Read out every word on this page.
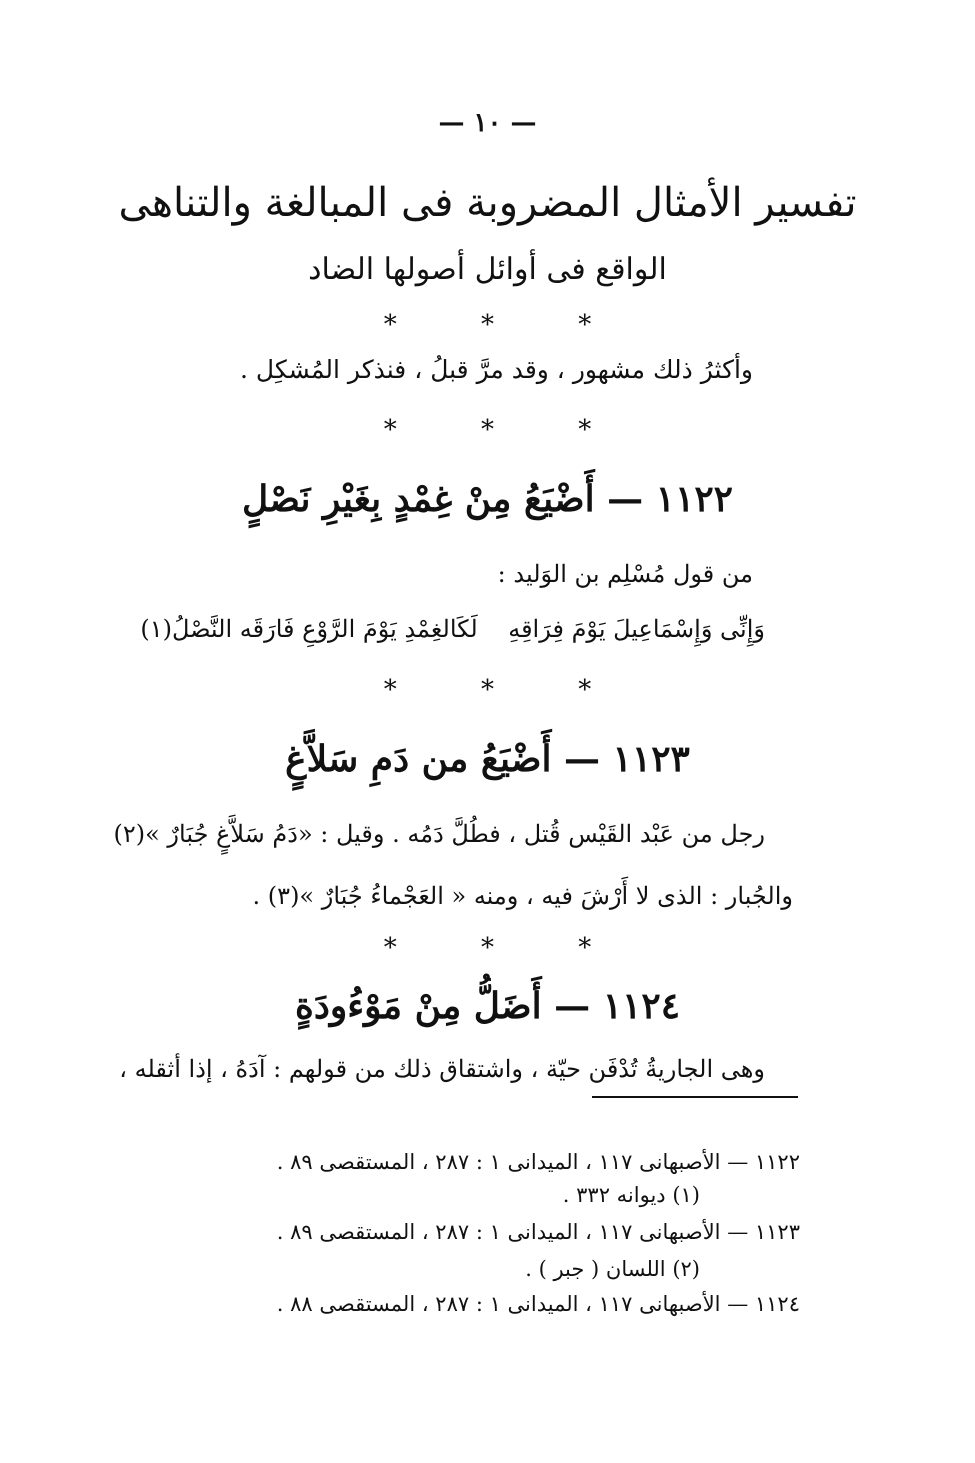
— ١٠ —
تفسير الأمثال المضروبة فى المبالغة والتناهى
الواقع فى أوائل أصولها الضاد
* * *
وأكثرُ ذلك مشهور ، وقد مرَّ قبلُ ، فنذكر المُشكِل .
* * *
١١٢٢ — أَضْيَعُ مِنْ غِمْدٍ بِغَيْرِ نَصْلٍ
من قول مُسْلِم بن الوَليد :
وَإِنِّى وَإِسْمَاعِيلَ يَوْمَ فِرَاقِهِ ‏ ‏ ‏ لَكَالغِمْدِ يَوْمَ الرَّوْعِ فَارَقَه النَّصْلُ(١)
* * *
١١٢٣ — أَضْيَعُ من دَمِ سَلاَّغٍ
رجل من عَبْد القَيْس قُتل ، فطُلَّ دَمُه . وقيل : «دَمُ سَلاَّغٍ جُبَارٌ »(٢)
والجُبار : الذى لا أَرْشَ فيه ، ومنه « العَجْماءُ جُبَارٌ »(٣) .
* * *
١١٢٤ — أَضَلُّ مِنْ مَوْءُودَةٍ
وهى الجاريةُ تُدْفَن حيّة ، واشتقاق ذلك من قولهم : آدَهُ ، إذا أثقله ،
١١٢٢ — الأصبهانى ١١٧ ، الميدانى ١ : ٢٨٧ ، المستقصى ٨٩ .
(١) ديوانه ٣٣٢ .
١١٢٣ — الأصبهانى ١١٧ ، الميدانى ١ : ٢٨٧ ، المستقصى ٨٩ .
(٢) اللسان ( جبر ) .
١١٢٤ — الأصبهانى ١١٧ ، الميدانى ١ : ٢٨٧ ، المستقصى ٨٨ .
